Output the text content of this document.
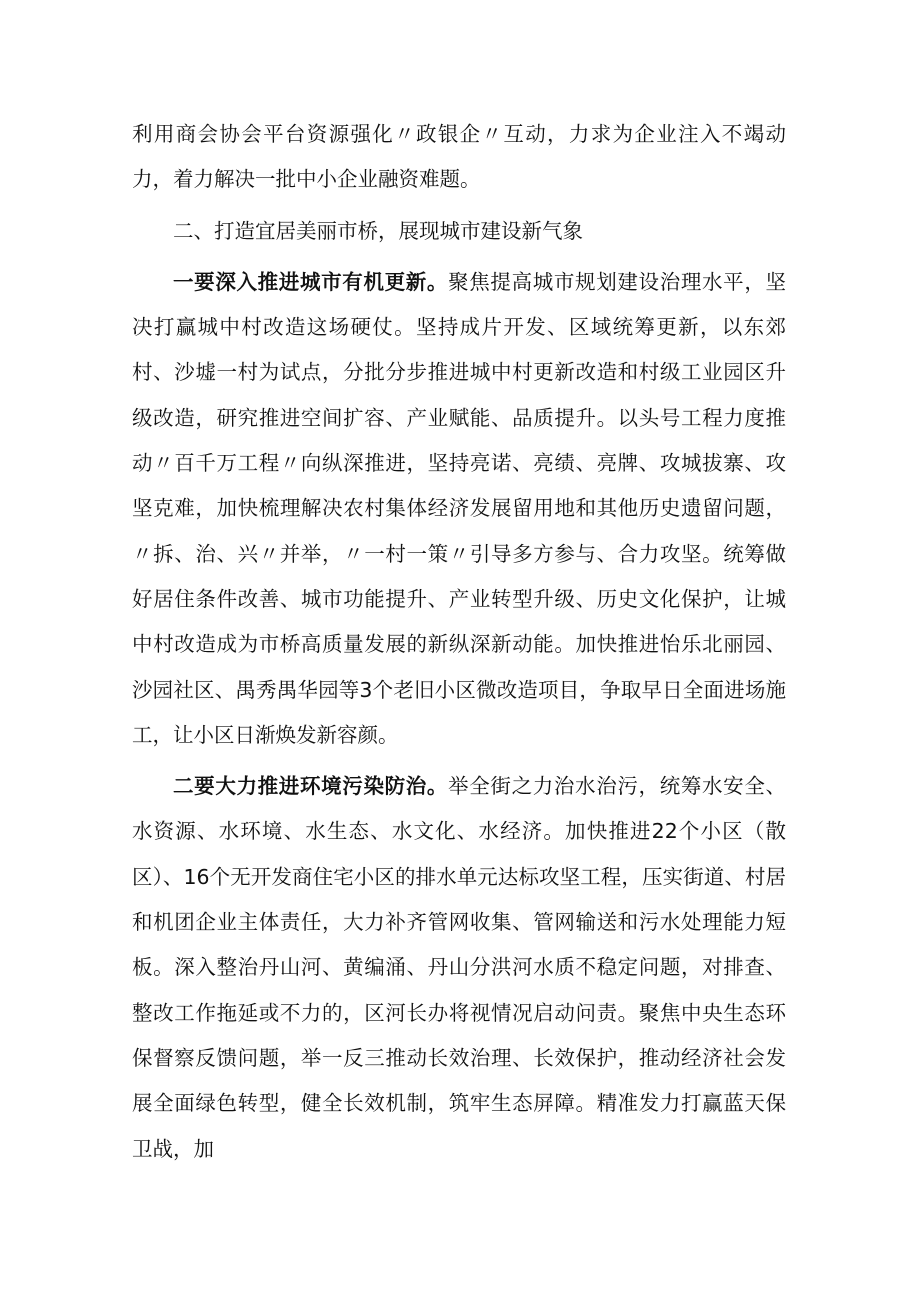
利用商会协会平台资源强化〃政银企〃互动，力求为企业注入不竭动力，着力解决一批中小企业融资难题。

二、打造宜居美丽市桥，展现城市建设新气象

一要深入推进城市有机更新。聚焦提高城市规划建设治理水平，坚决打赢城中村改造这场硬仗。坚持成片开发、区域统筹更新，以东郊村、沙墟一村为试点，分批分步推进城中村更新改造和村级工业园区升级改造，研究推进空间扩容、产业赋能、品质提升。以头号工程力度推动〃百千万工程〃向纵深推进，坚持亮诺、亮绩、亮牌、攻城拔寨、攻坚克难，加快梳理解决农村集体经济发展留用地和其他历史遗留问题，〃拆、治、兴〃并举，〃一村一策〃引导多方参与、合力攻坚。统筹做好居住条件改善、城市功能提升、产业转型升级、历史文化保护，让城中村改造成为市桥高质量发展的新纵深新动能。加快推进怡乐北丽园、沙园社区、禺秀禺华园等3个老旧小区微改造项目，争取早日全面进场施工，让小区日渐焕发新容颜。

二要大力推进环境污染防治。举全街之力治水治污，统筹水安全、水资源、水环境、水生态、水文化、水经济。加快推进22个小区（散区）、16个无开发商住宅小区的排水单元达标攻坚工程，压实街道、村居和机团企业主体责任，大力补齐管网收集、管网输送和污水处理能力短板。深入整治丹山河、黄编涌、丹山分洪河水质不稳定问题，对排查、整改工作拖延或不力的，区河长办将视情况启动问责。聚焦中央生态环保督察反馈问题，举一反三推动长效治理、长效保护，推动经济社会发展全面绿色转型，健全长效机制，筑牢生态屏障。精准发力打赢蓝天保卫战，加
